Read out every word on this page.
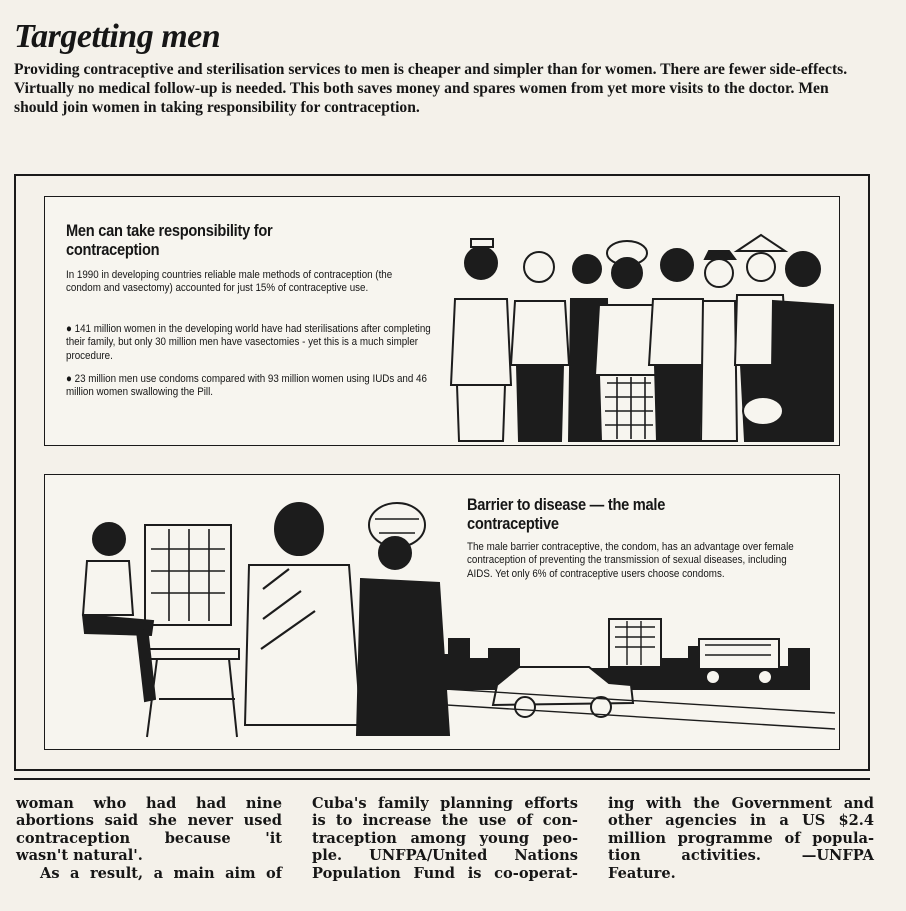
Targetting men

Providing contraceptive and sterilisation services to men is cheaper and simpler than for women. There are fewer side-effects. Virtually no medical follow-up is needed. This both saves money and spares women from yet more visits to the doctor. Men should join women in taking responsibility for contraception.

Men can take responsibility for contraception

In 1990 in developing countries reliable male methods of contraception (the condom and vasectomy) accounted for just 15% of contraceptive use.

● 141 million women in the developing world have had sterilisations after completing their family, but only 30 million men have vasectomies - yet this is a much simpler procedure.

● 23 million men use condoms compared with 93 million women using IUDs and 46 million women swallowing the Pill.

Barrier to disease — the male contraceptive

The male barrier contraceptive, the condom, has an advantage over female contraception of preventing the transmission of sexual diseases, including AIDS. Yet only 6% of contraceptive users choose condoms.

woman who had had nine
abortions said she never used
contraception because 'it
wasn't natural'.
As a result, a main aim of

Cuba's family planning efforts
is to increase the use of con-
traception among young peo-
ple. UNFPA/United Nations
Population Fund is co-operat-

ing with the Government and
other agencies in a US $2.4
million programme of popula-
tion activities. —UNFPA
Feature.
